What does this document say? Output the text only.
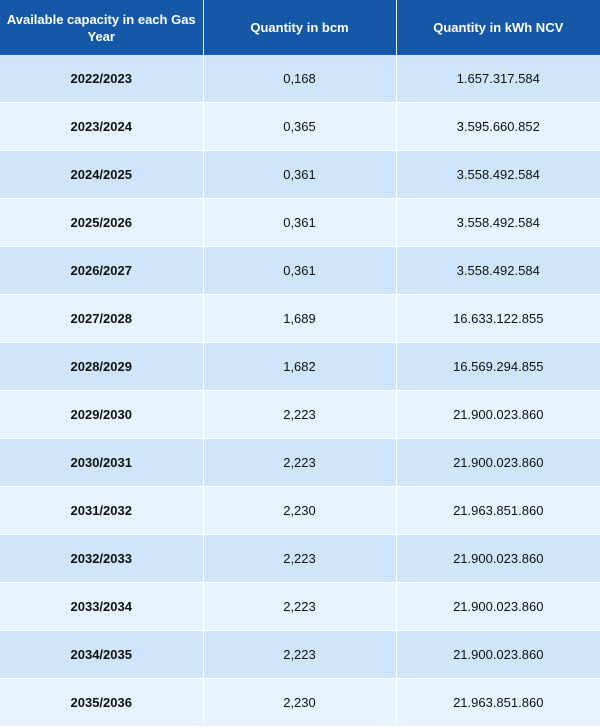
Available capacity in each Gas Year	Quantity in bcm	Quantity in kWh NCV
2022/2023	0,168	1.657.317.584
2023/2024	0,365	3.595.660.852
2024/2025	0,361	3.558.492.584
2025/2026	0,361	3.558.492.584
2026/2027	0,361	3.558.492.584
2027/2028	1,689	16.633.122.855
2028/2029	1,682	16.569.294.855
2029/2030	2,223	21.900.023.860
2030/2031	2,223	21.900.023.860
2031/2032	2,230	21.963.851.860
2032/2033	2,223	21.900.023.860
2033/2034	2,223	21.900.023.860
2034/2035	2,223	21.900.023.860
2035/2036	2,230	21.963.851.860
